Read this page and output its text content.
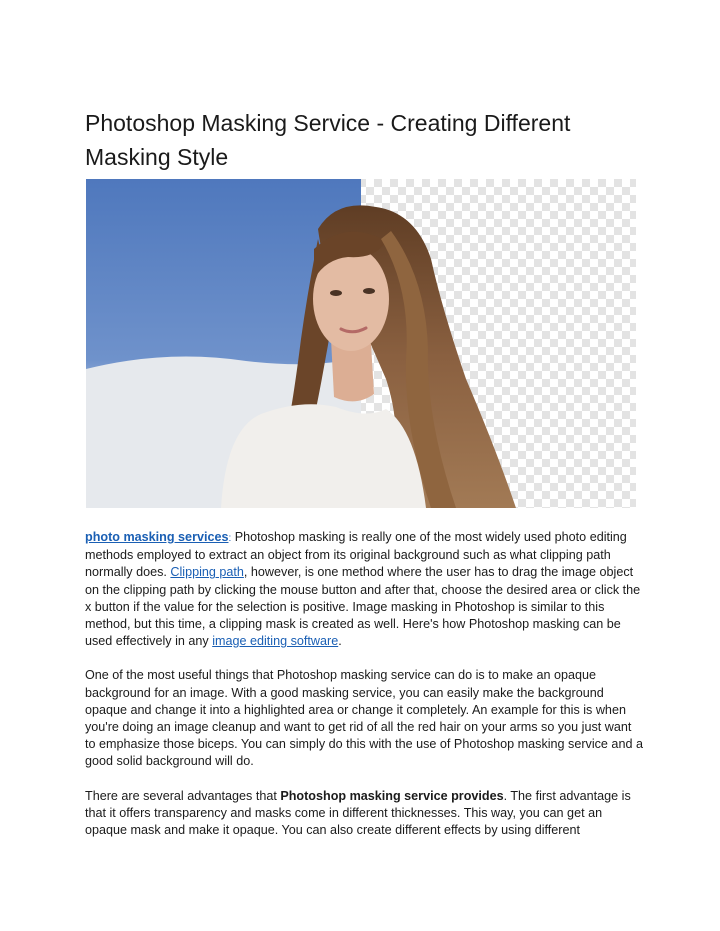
Photoshop Masking Service - Creating Different Masking Style

photo masking services: Photoshop masking is really one of the most widely used photo editing methods employed to extract an object from its original background such as what clipping path normally does. Clipping path, however, is one method where the user has to drag the image object on the clipping path by clicking the mouse button and after that, choose the desired area or click the x button if the value for the selection is positive. Image masking in Photoshop is similar to this method, but this time, a clipping mask is created as well. Here's how Photoshop masking can be used effectively in any image editing software.

One of the most useful things that Photoshop masking service can do is to make an opaque background for an image. With a good masking service, you can easily make the background opaque and change it into a highlighted area or change it completely. An example for this is when you're doing an image cleanup and want to get rid of all the red hair on your arms so you just want to emphasize those biceps. You can simply do this with the use of Photoshop masking service and a good solid background will do.

There are several advantages that Photoshop masking service provides. The first advantage is that it offers transparency and masks come in different thicknesses. This way, you can get an opaque mask and make it opaque. You can also create different effects by using different
